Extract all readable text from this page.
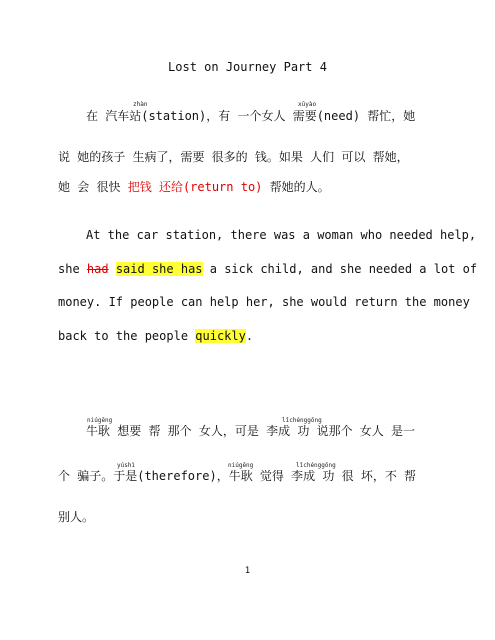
Lost on Journey Part 4
zhàn	xūyào
在 汽车站(station)，有 一个女人 需要(need) 帮忙，她
说 她的孩子 生病了，需要 很多的 钱。如果 人们 可以 帮她，
她 会 很快 把钱 还给(return to) 帮她的人。
At the car station, there was a woman who needed help,
she had said she has a sick child, and she needed a lot of
money. If people can help her, she would return the money
back to the people quickly.
niúgēng	lǐchénggōng
牛耿 想要 帮 那个 女人，可是 李成 功 说那个 女人 是一
yúshì	niúgēng	lǐchénggōng
个 骗子。于是(therefore)，牛耿 觉得 李成 功 很 坏，不 帮
别人。
1
